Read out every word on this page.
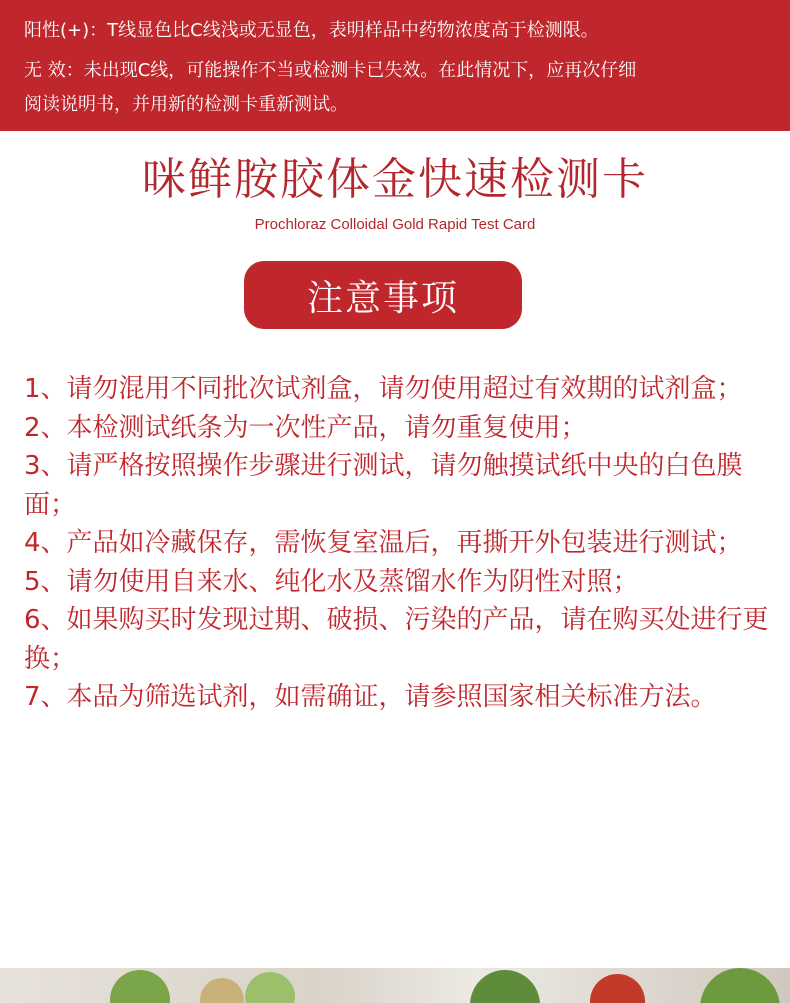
阳性(+)：T线显色比C线浅或无显色，表明样品中药物浓度高于检测限。
无 效：未出现C线，可能操作不当或检测卡已失效。在此情况下，应再次仔细
阅读说明书，并用新的检测卡重新测试。
咪鲜胺胶体金快速检测卡
Prochloraz Colloidal Gold Rapid Test Card
注意事项

1、请勿混用不同批次试剂盒，请勿使用超过有效期的试剂盒；

2、本检测试纸条为一次性产品，请勿重复使用；

3、请严格按照操作步骤进行测试，请勿触摸试纸中央的白色膜面；

4、产品如冷藏保存，需恢复室温后，再撕开外包装进行测试；

5、请勿使用自来水、纯化水及蒸馏水作为阴性对照；

6、如果购买时发现过期、破损、污染的产品，请在购买处进行更换；

7、本品为筛选试剂，如需确证，请参照国家相关标准方法。
